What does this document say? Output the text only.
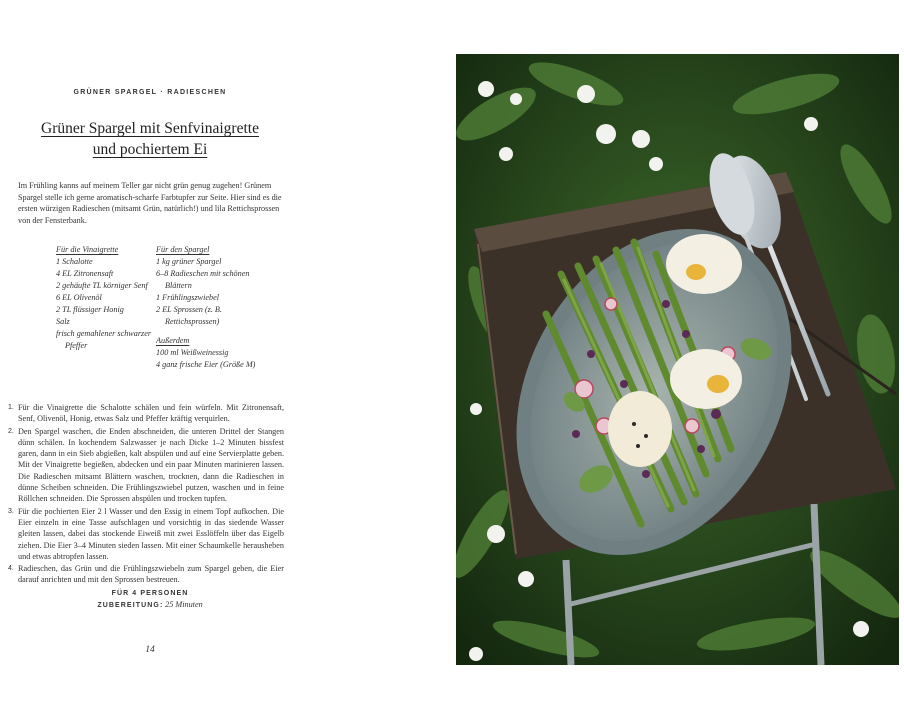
GRÜNER SPARGEL · RADIESCHEN
Grüner Spargel mit Senfvinaigrette
und pochiertem Ei
Im Frühling kanns auf meinem Teller gar nicht grün genug zugehen! Grünem Spargel stelle ich gerne aromatisch-scharfe Farbtupfer zur Seite. Hier sind es die ersten würzigen Radieschen (mitsamt Grün, natürlich!) und lila Rettichsprossen von der Fensterbank.
Für die Vinaigrette
1 Schalotte
4 EL Zitronensaft
2 gehäufte TL körniger Senf
6 EL Olivenöl
2 TL flüssiger Honig
Salz
frisch gemahlener schwarzer Pfeffer
Für den Spargel
1 kg grüner Spargel
6–8 Radieschen mit schönen Blättern
1 Frühlingszwiebel
2 EL Sprossen (z. B. Rettichsprossen)
Außerdem
100 ml Weißweinessig
4 ganz frische Eier (Größe M)
1. Für die Vinaigrette die Schalotte schälen und fein würfeln. Mit Zitronensaft, Senf, Olivenöl, Honig, etwas Salz und Pfeffer kräftig verquirlen.
2. Den Spargel waschen, die Enden abschneiden, die unteren Drittel der Stangen dünn schälen. In kochendem Salzwasser je nach Dicke 1–2 Minuten bissfest garen, dann in ein Sieb abgießen, kalt abspülen und auf eine Servierplatte geben. Mit der Vinaigrette begießen, abdecken und ein paar Minuten marinieren lassen. Die Radieschen mitsamt Blättern waschen, trocknen, dann die Radieschen in dünne Scheiben schneiden. Die Frühlingszwiebel putzen, waschen und in feine Röllchen schneiden. Die Sprossen abspülen und trocken tupfen.
3. Für die pochierten Eier 2 l Wasser und den Essig in einem Topf aufkochen. Die Eier einzeln in eine Tasse aufschlagen und vorsichtig in das siedende Wasser gleiten lassen, dabei das stockende Eiweiß mit zwei Esslöffeln über das Eigelb ziehen. Die Eier 3–4 Minuten sieden lassen. Mit einer Schaumkelle herausheben und etwas abtropfen lassen.
4. Radieschen, das Grün und die Frühlingszwiebeln zum Spargel geben, die Eier darauf anrichten und mit den Sprossen bestreuen.
FÜR 4 PERSONEN
ZUBEREITUNG: 25 Minuten
14
